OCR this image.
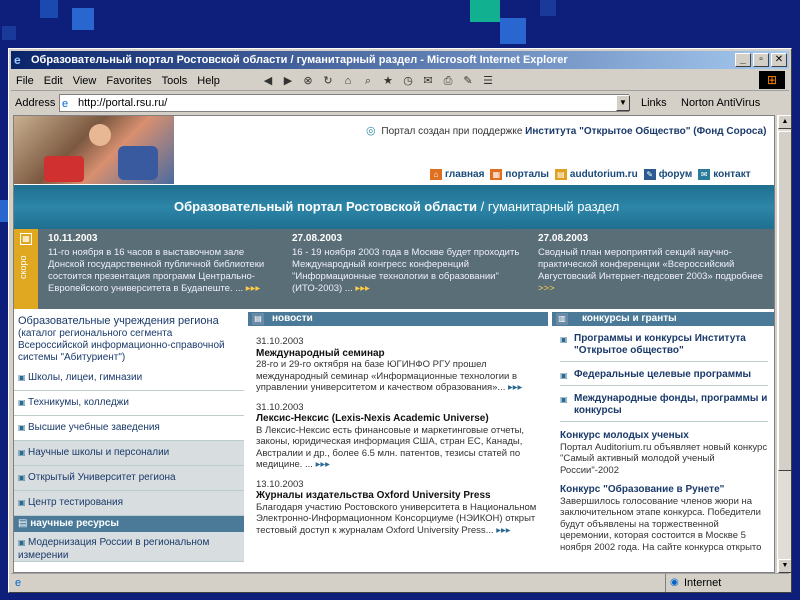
e Образовательный портал Ростовской области / гуманитарный раздел - Microsoft Internet Explorer	_	▫	✕
File Edit View Favorites Tools Help	◀	▶	⊗ ↻	⌂	⌕	★ ◷ ✉ ⎙ ✎ ☰	⊞
Address e http://portal.rsu.ru/	▼ Links Norton AntiVirus
◎ Портал создан при поддержке Института "Открытое Общество" (Фонд Сороса)
⌂ главная ▦ порталы ▤ audutorium.ru	✎ форум	✉ контакт
Образовательный портал Ростовской области / гуманитарный раздел
▦
скоро
10.11.2003
11-го ноября в 16 часов в выставочном зале Донской государственной публичной библиотеки состоится презентация программ Центрально-Европейского университета в Будапеште. ... ▸▸▸
27.08.2003
16 - 19 ноября 2003 года в Москве будет проходить Международный конгресс конференций "Информационные технологии в образовании" (ИТО-2003) ... ▸▸▸
27.08.2003
Сводный план мероприятий секций научно-практической конференции «Всероссийский Августовский Интернет-педсовет 2003» подробнее >>>
Образовательные учреждения региона
(каталог регионального сегмента Всероссийской информационно-справочной системы "Абитуриент")
▣ Школы, лицеи, гимназии
▣ Техникумы, колледжи
▣ Высшие учебные заведения
▣ Научные школы и персоналии
▣ Открытый Университет региона
▣ Центр тестирования
▤ научные ресурсы
▣ Модернизация России в региональном измерении
▤ новости
31.10.2003
Международный семинар
28-го и 29-го октября на базе ЮГИНФО РГУ прошел международный семинар «Информационные технологии в управлении университетом и качеством образования»... ▸▸▸
31.10.2003
Лексис-Нексис (Lexis-Nexis Academic Universe)
В Лексис-Нексис есть финансовые и маркетинговые отчеты, законы, юридическая информация США, стран ЕС, Канады, Австралии и др., более 6.5 млн. патентов, тезисы статей по медицине. ... ▸▸▸
13.10.2003
Журналы издательства Oxford University Press
Благодаря участию Ростовского университета в Национальном Электронно-Информационном Консорциуме (НЭИКОН) открыт тестовый доступ к журналам Oxford University Press... ▸▸▸
▥ конкурсы и гранты
▣ Программы и конкурсы Института "Открытое общество"
▣ Федеральные целевые программы
▣ Международные фонды, программы и конкурсы
Конкурс молодых ученых
Портал Auditorium.ru объявляет новый конкурс "Самый активный молодой ученый России"-2002
Конкурс "Образование в Рунете"
Завершилось голосование членов жюри на заключительном этапе конкурса. Победители будут объявлены на торжественной церемонии, которая состоится в Москве 5 ноября 2002 года. На сайте конкурса открыто
▲
▼
e	◉ Internet
